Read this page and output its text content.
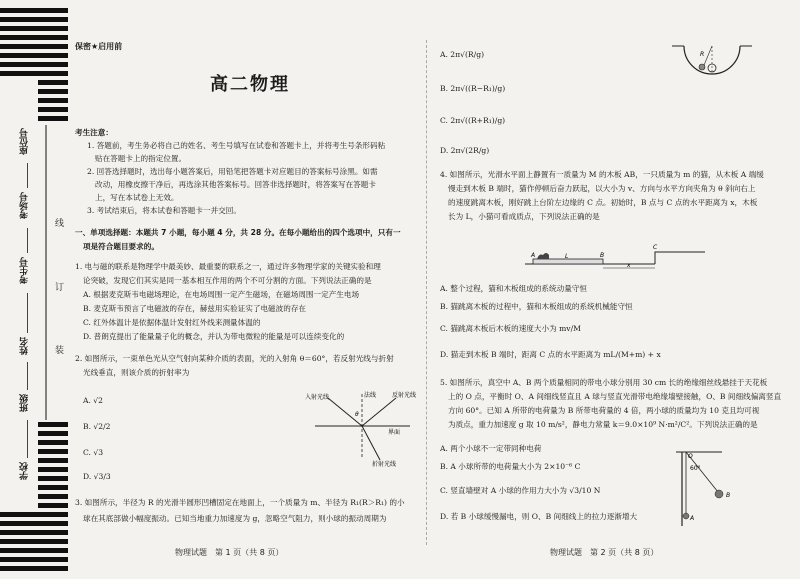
座位号
考场号
考生号
姓名
班级
学校
线
订
装
保密★启用前
高二物理
考生注意：
1. 答题前，考生务必将自己的姓名、考生号填写在试卷和答题卡上，并将考生号条形码粘
贴在答题卡上的指定位置。
2. 回答选择题时，选出每小题答案后，用铅笔把答题卡对应题目的答案标号涂黑。如需
改动，用橡皮擦干净后，再选涂其他答案标号。回答非选择题时，将答案写在答题卡
上，写在本试卷上无效。
3. 考试结束后，将本试卷和答题卡一并交回。
一、单项选择题：本题共 7 小题，每小题 4 分，共 28 分。在每小题给出的四个选项中，只有一
项是符合题目要求的。
1. 电与磁的联系是物理学中最美妙、最重要的联系之一，通过许多物理学家的关键实验和理
论突破，发现它们其实是同一基本相互作用的两个不可分割的方面。下列说法正确的是
A. 根据麦克斯韦电磁场理论，在电场周围一定产生磁场，在磁场周围一定产生电场
B. 麦克斯韦预言了电磁波的存在，赫兹用实验证实了电磁波的存在
C. 红外体温计是依据体温计发射红外线来测量体温的
D. 普朗克提出了能量量子化的概念，并认为带电微粒的能量是可以连续变化的
2. 如图所示，一束单色光从空气射向某种介质的表面，光的入射角 θ＝60°，若反射光线与折射
光线垂直，则该介质的折射率为
A. √2
B. √2/2
C. √3
D. √3/3
入射光线	法线	反射光线
界面
折射光线
θ
3. 如图所示，半径为 R 的光滑半圆形凹槽固定在地面上，一个质量为 m、半径为 R₁(R＞R₁) 的小
球在其底部做小幅度振动。已知当地重力加速度为 g，忽略空气阻力，则小球的振动周期为
物理试题　第 1 页（共 8 页）
A. 2π√(R/g)
B. 2π√((R−R₁)/g)
C. 2π√((R+R₁)/g)
D. 2π√(2R/g)
R
4. 如图所示，光滑水平面上静置有一质量为 M 的木板 AB，一只质量为 m 的猫，从木板 A 端缓
慢走到木板 B 端时，猫作停顿后奋力跃起，以大小为 v、方向与水平方向夹角为 θ 斜向右上
的速度跳离木板，刚好跳上台阶左边缘的 C 点。初始时，B 点与 C 点的水平距离为 x，木板
长为 L，小猫可看成质点，下列说法正确的是
A	B
C
L
x
A. 整个过程，猫和木板组成的系统动量守恒
B. 猫跳离木板的过程中，猫和木板组成的系统机械能守恒
C. 猫跳离木板后木板的速度大小为 mv/M
D. 猫走到木板 B 端时，距离 C 点的水平距离为 mL/(M+m) + x
5. 如图所示，真空中 A、B 两个质量相同的带电小球分别用 30 cm 长的绝缘细丝线悬挂于天花板
上的 O 点，平衡时 O、A 间细线竖直且 A 球与竖直光滑带电绝缘墙壁接触，O、B 间细线偏离竖直
方向 60°。已知 A 所带的电荷量为 B 所带电荷量的 4 倍，两小球的质量均为 10 克且均可视
为质点，重力加速度 g 取 10 m/s²，静电力常量 k＝9.0×10⁹ N·m²/C²。下列说法正确的是
A. 两个小球不一定带同种电荷
B. A 小球所带的电荷量大小为 2×10⁻⁶ C
C. 竖直墙壁对 A 小球的作用力大小为 √3/10 N
D. 若 B 小球缓慢漏电，则 O、B 间细线上的拉力逐渐增大
O
60°
A
B
物理试题　第 2 页（共 8 页）
